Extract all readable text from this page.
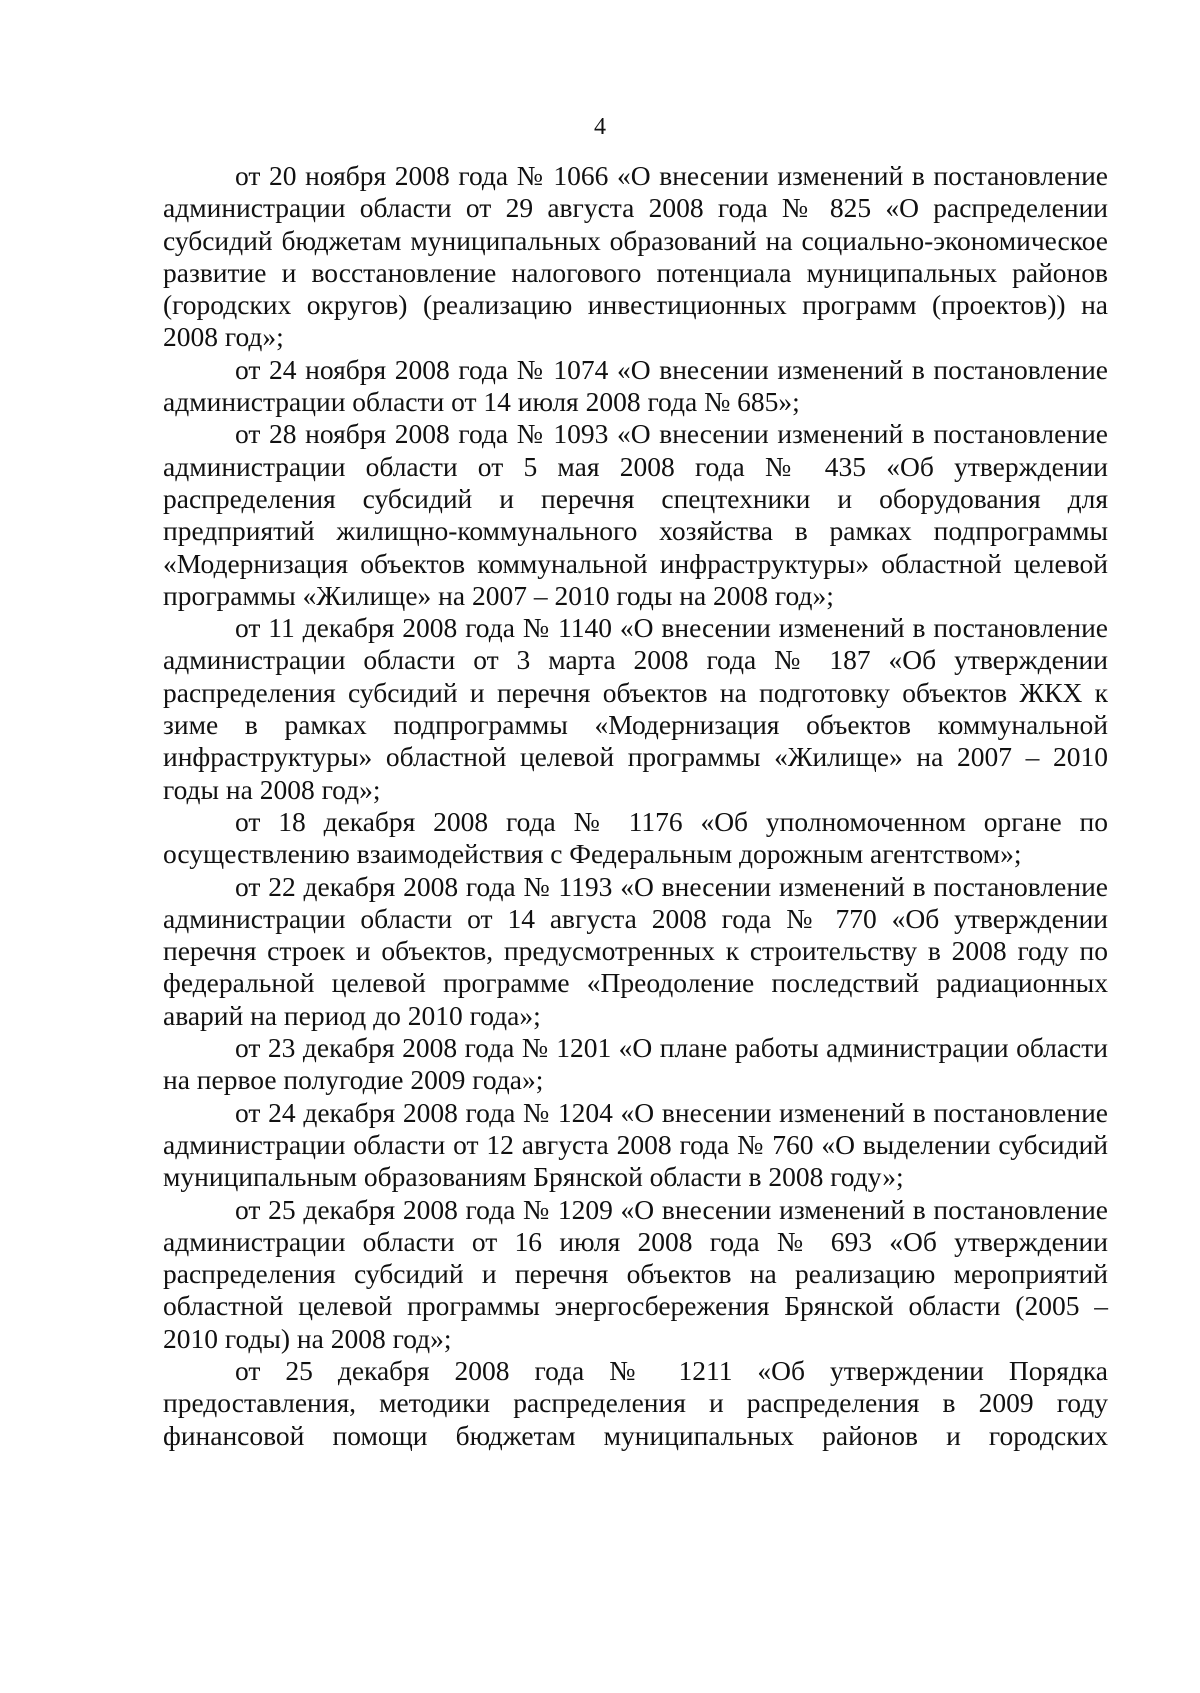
4

от 20 ноября 2008 года № 1066 «О внесении изменений в постановление администрации области от 29 августа 2008 года № 825 «О распределении субсидий бюджетам муниципальных образований на социально-экономическое развитие и восстановление налогового потенциала муниципальных районов (городских округов) (реализацию инвестиционных программ (проектов)) на 2008 год»;

от 24 ноября 2008 года № 1074 «О внесении изменений в постановление администрации области от 14 июля 2008 года № 685»;

от 28 ноября 2008 года № 1093 «О внесении изменений в постановление администрации области от 5 мая 2008 года № 435 «Об утверждении распределения субсидий и перечня спецтехники и оборудования для предприятий жилищно-коммунального хозяйства в рамках подпрограммы «Модернизация объектов коммунальной инфраструктуры» областной целевой программы «Жилище» на 2007 – 2010 годы на 2008 год»;

от 11 декабря 2008 года № 1140 «О внесении изменений в постановление администрации области от 3 марта 2008 года № 187 «Об утверждении распределения субсидий и перечня объектов на подготовку объектов ЖКХ к зиме в рамках подпрограммы «Модернизация объектов коммунальной инфраструктуры» областной целевой программы «Жилище» на 2007 – 2010 годы на 2008 год»;

от 18 декабря 2008 года № 1176 «Об уполномоченном органе по осуществлению взаимодействия с Федеральным дорожным агентством»;

от 22 декабря 2008 года № 1193 «О внесении изменений в постановление администрации области от 14 августа 2008 года № 770 «Об утверждении перечня строек и объектов, предусмотренных к строительству в 2008 году по федеральной целевой программе «Преодоление последствий радиационных аварий на период до 2010 года»;

от 23 декабря 2008 года № 1201 «О плане работы администрации области на первое полугодие 2009 года»;

от 24 декабря 2008 года № 1204 «О внесении изменений в постановление администрации области от 12 августа 2008 года № 760 «О выделении субсидий муниципальным образованиям Брянской области в 2008 году»;

от 25 декабря 2008 года № 1209 «О внесении изменений в постановление администрации области от 16 июля 2008 года № 693 «Об утверждении распределения субсидий и перечня объектов на реализацию мероприятий областной целевой программы энергосбережения Брянской области (2005 – 2010 годы) на 2008 год»;

от 25 декабря 2008 года № 1211 «Об утверждении Порядка предоставления, методики распределения и распределения в 2009 году финансовой помощи бюджетам муниципальных районов и городских
